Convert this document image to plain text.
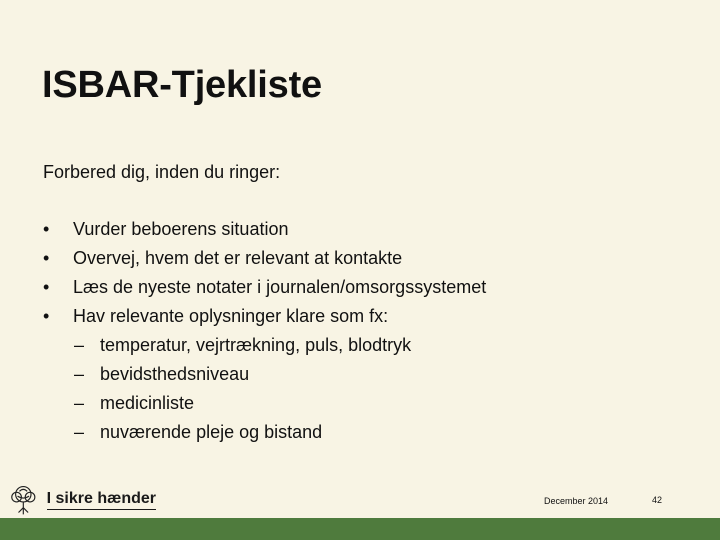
ISBAR-Tjekliste
Forbered dig, inden du ringer:
• Vurder beboerens situation
• Overvej, hvem det er relevant at kontakte
• Læs de nyeste notater i journalen/omsorgssystemet
• Hav relevante oplysninger klare som fx:
– temperatur, vejrtrækning, puls, blodtryk
– bevidsthedsniveau
– medicinliste
– nuværende pleje og bistand
I sikre hænder	December 2014	42
